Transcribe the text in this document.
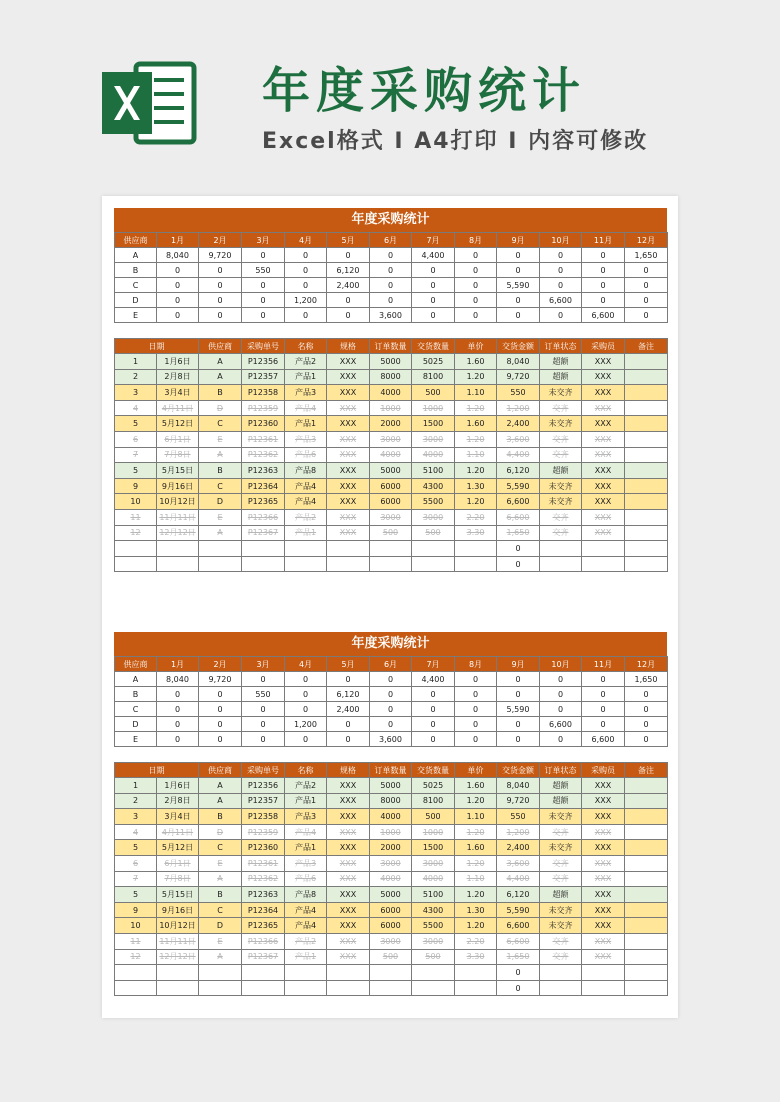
年度采购统计
Excel格式 I A4打印 I 内容可修改
年度采购统计
供应商	1月	2月	3月	4月	5月	6月	7月	8月	9月	10月	11月	12月
A	8,040	9,720	0	0	0	0	4,400	0	0	0	0	1,650
B	0	0	550	0	6,120	0	0	0	0	0	0	0
C	0	0	0	0	2,400	0	0	0	5,590	0	0	0
D	0	0	0	1,200	0	0	0	0	0	6,600	0	0
E	0	0	0	0	0	3,600	0	0	0	0	6,600	0
日期		供应商	采购单号	名称	规格	订单数量	交货数量	单价	交货金额	订单状态	采购员	备注
1	1月6日	A	P12356	产品2	XXX	5000	5025	1.60	8,040	超额	XXX	
2	2月8日	A	P12357	产品1	XXX	8000	8100	1.20	9,720	超额	XXX	
3	3月4日	B	P12358	产品3	XXX	4000	500	1.10	550	未交齐	XXX	
4	4月11日	D	P12359	产品4	XXX	1000	1000	1.20	1,200	交齐	XXX	
5	5月12日	C	P12360	产品1	XXX	2000	1500	1.60	2,400	未交齐	XXX	
6	6月1日	E	P12361	产品3	XXX	3000	3000	1.20	3,600	交齐	XXX	
7	7月8日	A	P12362	产品6	XXX	4000	4000	1.10	4,400	交齐	XXX	
5	5月15日	B	P12363	产品8	XXX	5000	5100	1.20	6,120	超额	XXX	
9	9月16日	C	P12364	产品4	XXX	6000	4300	1.30	5,590	未交齐	XXX	
10	10月12日	D	P12365	产品4	XXX	6000	5500	1.20	6,600	未交齐	XXX	
11	11月11日	E	P12366	产品2	XXX	3000	3000	2.20	6,600	交齐	XXX	
12	12月12日	A	P12367	产品1	XXX	500	500	3.30	1,650	交齐	XXX	
									0			
									0			
年度采购统计
供应商	1月	2月	3月	4月	5月	6月	7月	8月	9月	10月	11月	12月
A	8,040	9,720	0	0	0	0	4,400	0	0	0	0	1,650
B	0	0	550	0	6,120	0	0	0	0	0	0	0
C	0	0	0	0	2,400	0	0	0	5,590	0	0	0
D	0	0	0	1,200	0	0	0	0	0	6,600	0	0
E	0	0	0	0	0	3,600	0	0	0	0	6,600	0
日期		供应商	采购单号	名称	规格	订单数量	交货数量	单价	交货金额	订单状态	采购员	备注
1	1月6日	A	P12356	产品2	XXX	5000	5025	1.60	8,040	超额	XXX	
2	2月8日	A	P12357	产品1	XXX	8000	8100	1.20	9,720	超额	XXX	
3	3月4日	B	P12358	产品3	XXX	4000	500	1.10	550	未交齐	XXX	
4	4月11日	D	P12359	产品4	XXX	1000	1000	1.20	1,200	交齐	XXX	
5	5月12日	C	P12360	产品1	XXX	2000	1500	1.60	2,400	未交齐	XXX	
6	6月1日	E	P12361	产品3	XXX	3000	3000	1.20	3,600	交齐	XXX	
7	7月8日	A	P12362	产品6	XXX	4000	4000	1.10	4,400	交齐	XXX	
5	5月15日	B	P12363	产品8	XXX	5000	5100	1.20	6,120	超额	XXX	
9	9月16日	C	P12364	产品4	XXX	6000	4300	1.30	5,590	未交齐	XXX	
10	10月12日	D	P12365	产品4	XXX	6000	5500	1.20	6,600	未交齐	XXX	
11	11月11日	E	P12366	产品2	XXX	3000	3000	2.20	6,600	交齐	XXX	
12	12月12日	A	P12367	产品1	XXX	500	500	3.30	1,650	交齐	XXX	
									0			
									0			
